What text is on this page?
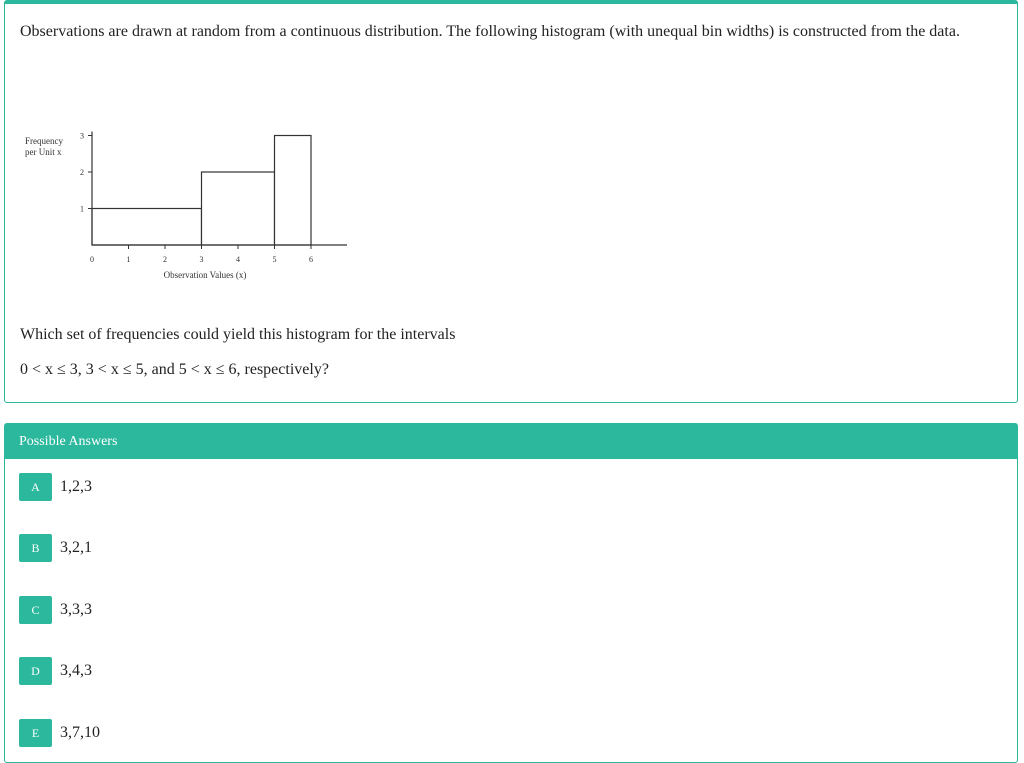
Observations are drawn at random from a continuous distribution. The following histogram (with unequal bin widths) is constructed from the data.

Frequency
per Unit x
1
2
3
0	1	2	3	4	5	6
Observation Values (x)

Which set of frequencies could yield this histogram for the intervals

0 < x ≤ 3, 3 < x ≤ 5, and 5 < x ≤ 6, respectively?

Possible Answers
A	1,2,3
B	3,2,1
C	3,3,3
D	3,4,3
E	3,7,10
